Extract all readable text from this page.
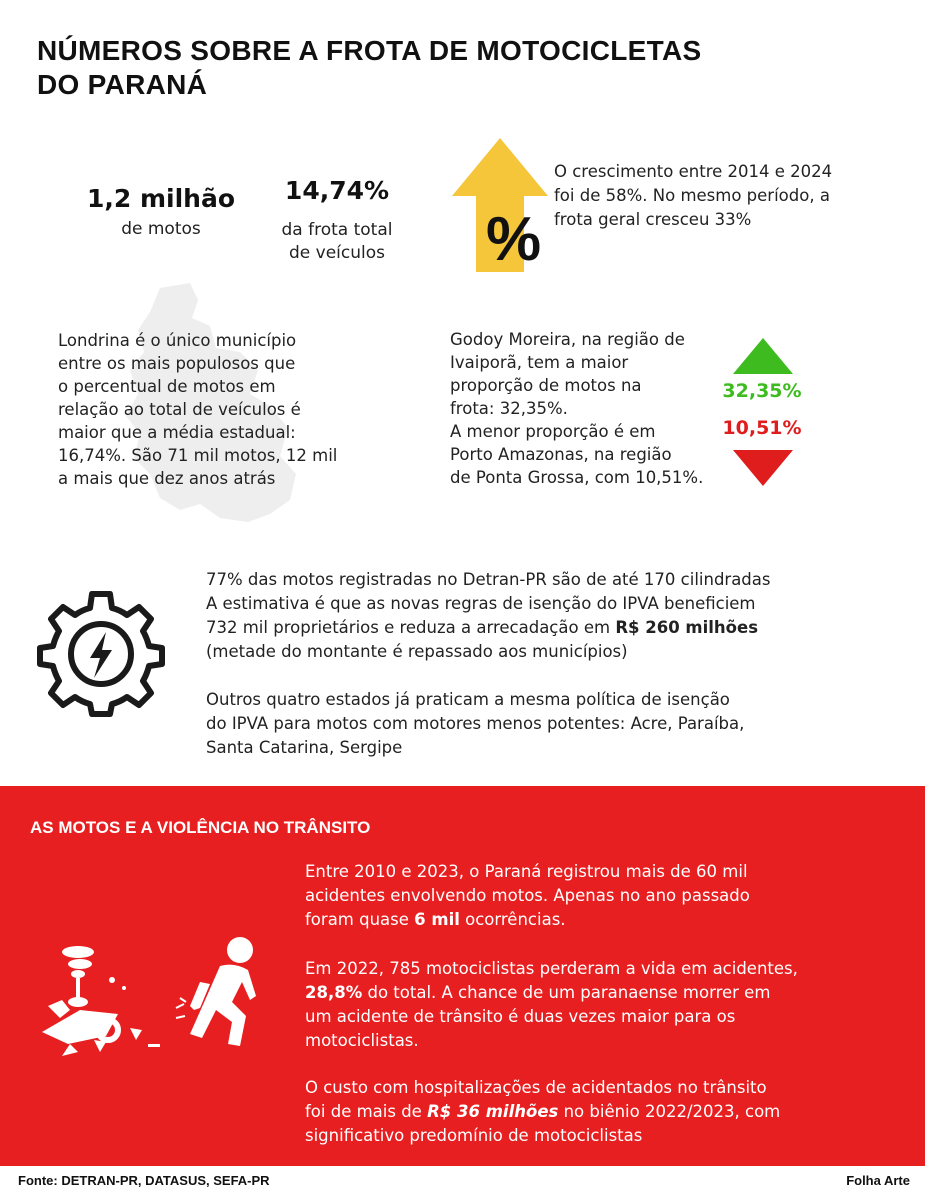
NÚMEROS SOBRE A FROTA DE MOTOCICLETAS
DO PARANÁ
1,2 milhão
de motos
14,74%
da frota total
de veículos	%
O crescimento entre 2014 e 2024
foi de 58%. No mesmo período, a
frota geral cresceu 33%
Londrina é o único município
entre os mais populosos que
o percentual de motos em
relação ao total de veículos é
maior que a média estadual:
16,74%. São 71 mil motos, 12 mil
a mais que dez anos atrás
Godoy Moreira, na região de
Ivaiporã, tem a maior
proporção de motos na
frota: 32,35%.
A menor proporção é em
Porto Amazonas, na região
de Ponta Grossa, com 10,51%.
32,35%
10,51%
77% das motos registradas no Detran-PR são de até 170 cilindradas
A estimativa é que as novas regras de isenção do IPVA beneficiem
732 mil proprietários e reduza a arrecadação em R$ 260 milhões
(metade do montante é repassado aos municípios)
Outros quatro estados já praticam a mesma política de isenção
do IPVA para motos com motores menos potentes: Acre, Paraíba,
Santa Catarina, Sergipe
AS MOTOS E A VIOLÊNCIA NO TRÂNSITO
Entre 2010 e 2023, o Paraná registrou mais de 60 mil
acidentes envolvendo motos. Apenas no ano passado
foram quase 6 mil ocorrências.
Em 2022, 785 motociclistas perderam a vida em acidentes,
28,8% do total. A chance de um paranaense morrer em
um acidente de trânsito é duas vezes maior para os
motociclistas.
O custo com hospitalizações de acidentados no trânsito
foi de mais de R$ 36 milhões no biênio 2022/2023, com
significativo predomínio de motociclistas
Fonte: DETRAN-PR, DATASUS, SEFA-PR	Folha Arte
